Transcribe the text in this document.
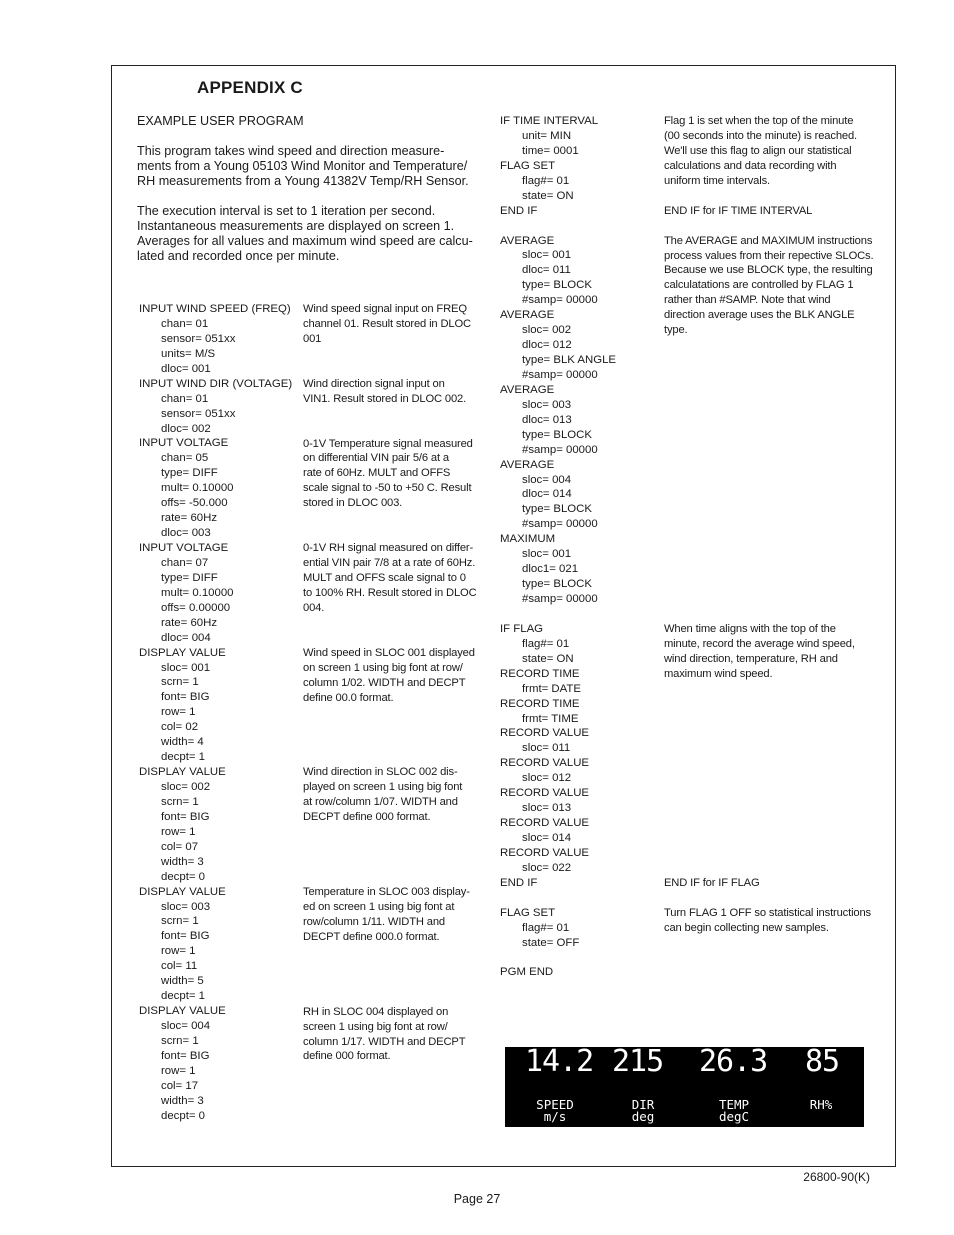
APPENDIX C

EXAMPLE USER PROGRAM

This program takes wind speed and direction measure-ments from a Young 05103 Wind Monitor and Temperature/ RH measurements from a Young 41382V Temp/RH Sensor.

The execution interval is set to 1 iteration per second. Instantaneous measurements are displayed on screen 1. Averages for all values and maximum wind speed are calcu-lated and recorded once per minute.

INPUT WIND SPEED (FREQ)
chan= 01
sensor= 051xx
units= M/S
dloc= 001
INPUT WIND DIR (VOLTAGE)
chan= 01
sensor= 051xx
dloc= 002
INPUT VOLTAGE
chan= 05
type= DIFF
mult= 0.10000
offs= -50.000
rate= 60Hz
dloc= 003
INPUT VOLTAGE
chan= 07
type= DIFF
mult= 0.10000
offs= 0.00000
rate= 60Hz
dloc= 004
DISPLAY VALUE
sloc= 001
scrn= 1
font= BIG
row= 1
col= 02
width= 4
decpt= 1
DISPLAY VALUE
sloc= 002
scrn= 1
font= BIG
row= 1
col= 07
width= 3
decpt= 0
DISPLAY VALUE
sloc= 003
scrn= 1
font= BIG
row= 1
col= 11
width= 5
decpt= 1
DISPLAY VALUE
sloc= 004
scrn= 1
font= BIG
row= 1
col= 17
width= 3
decpt= 0
Wind speed signal input on FREQ
channel 01. Result stored in DLOC
001
Wind direction signal input on
VIN1. Result stored in DLOC 002.
0-1V Temperature signal measured
on differential VIN pair 5/6 at a
rate of 60Hz. MULT and OFFS
scale signal to -50 to +50 C. Result
stored in DLOC 003.
0-1V RH signal measured on differ-
ential VIN pair 7/8 at a rate of 60Hz.
MULT and OFFS scale signal to 0
to 100% RH. Result stored in DLOC
004.
Wind speed in SLOC 001 displayed
on screen 1 using big font at row/
column 1/02. WIDTH and DECPT
define 00.0 format.
Wind direction in SLOC 002 dis-
played on screen 1 using big font
at row/column 1/07. WIDTH and
DECPT define 000 format.
Temperature in SLOC 003 display-
ed on screen 1 using big font at
row/column 1/11. WIDTH and
DECPT define 000.0 format.
RH in SLOC 004 displayed on
screen 1 using big font at row/
column 1/17. WIDTH and DECPT
define 000 format.
IF TIME INTERVAL
unit= MIN
time= 0001
FLAG SET
flag#= 01
state= ON
END IF
AVERAGE
sloc= 001
dloc= 011
type= BLOCK
#samp= 00000
AVERAGE
sloc= 002
dloc= 012
type= BLK ANGLE
#samp= 00000
AVERAGE
sloc= 003
dloc= 013
type= BLOCK
#samp= 00000
AVERAGE
sloc= 004
dloc= 014
type= BLOCK
#samp= 00000
MAXIMUM
sloc= 001
dloc1= 021
type= BLOCK
#samp= 00000
IF FLAG
flag#= 01
state= ON
RECORD TIME
frmt= DATE
RECORD TIME
frmt= TIME
RECORD VALUE
sloc= 011
RECORD VALUE
sloc= 012
RECORD VALUE
sloc= 013
RECORD VALUE
sloc= 014
RECORD VALUE
sloc= 022
END IF
FLAG SET
flag#= 01
state= OFF
PGM END
Flag 1 is set when the top of the minute
(00 seconds into the minute) is reached.
We'll use this flag to align our statistical
calculations and data recording with
uniform time intervals.
END IF for IF TIME INTERVAL
The AVERAGE and MAXIMUM instructions
process values from their repective SLOCs.
Because we use BLOCK type, the resulting
calculatations are controlled by FLAG 1
rather than #SAMP. Note that wind
direction average uses the BLK ANGLE
type.
When time aligns with the top of the
minute, record the average wind speed,
wind direction, temperature, RH and
maximum wind speed.
END IF for IF FLAG
Turn FLAG 1 OFF so statistical instructions
can begin collecting new samples.
14.2 215 26.3 85
SPEED
m/s
DIR
deg
TEMP
degC
RH%
26800-90(K)
Page 27
